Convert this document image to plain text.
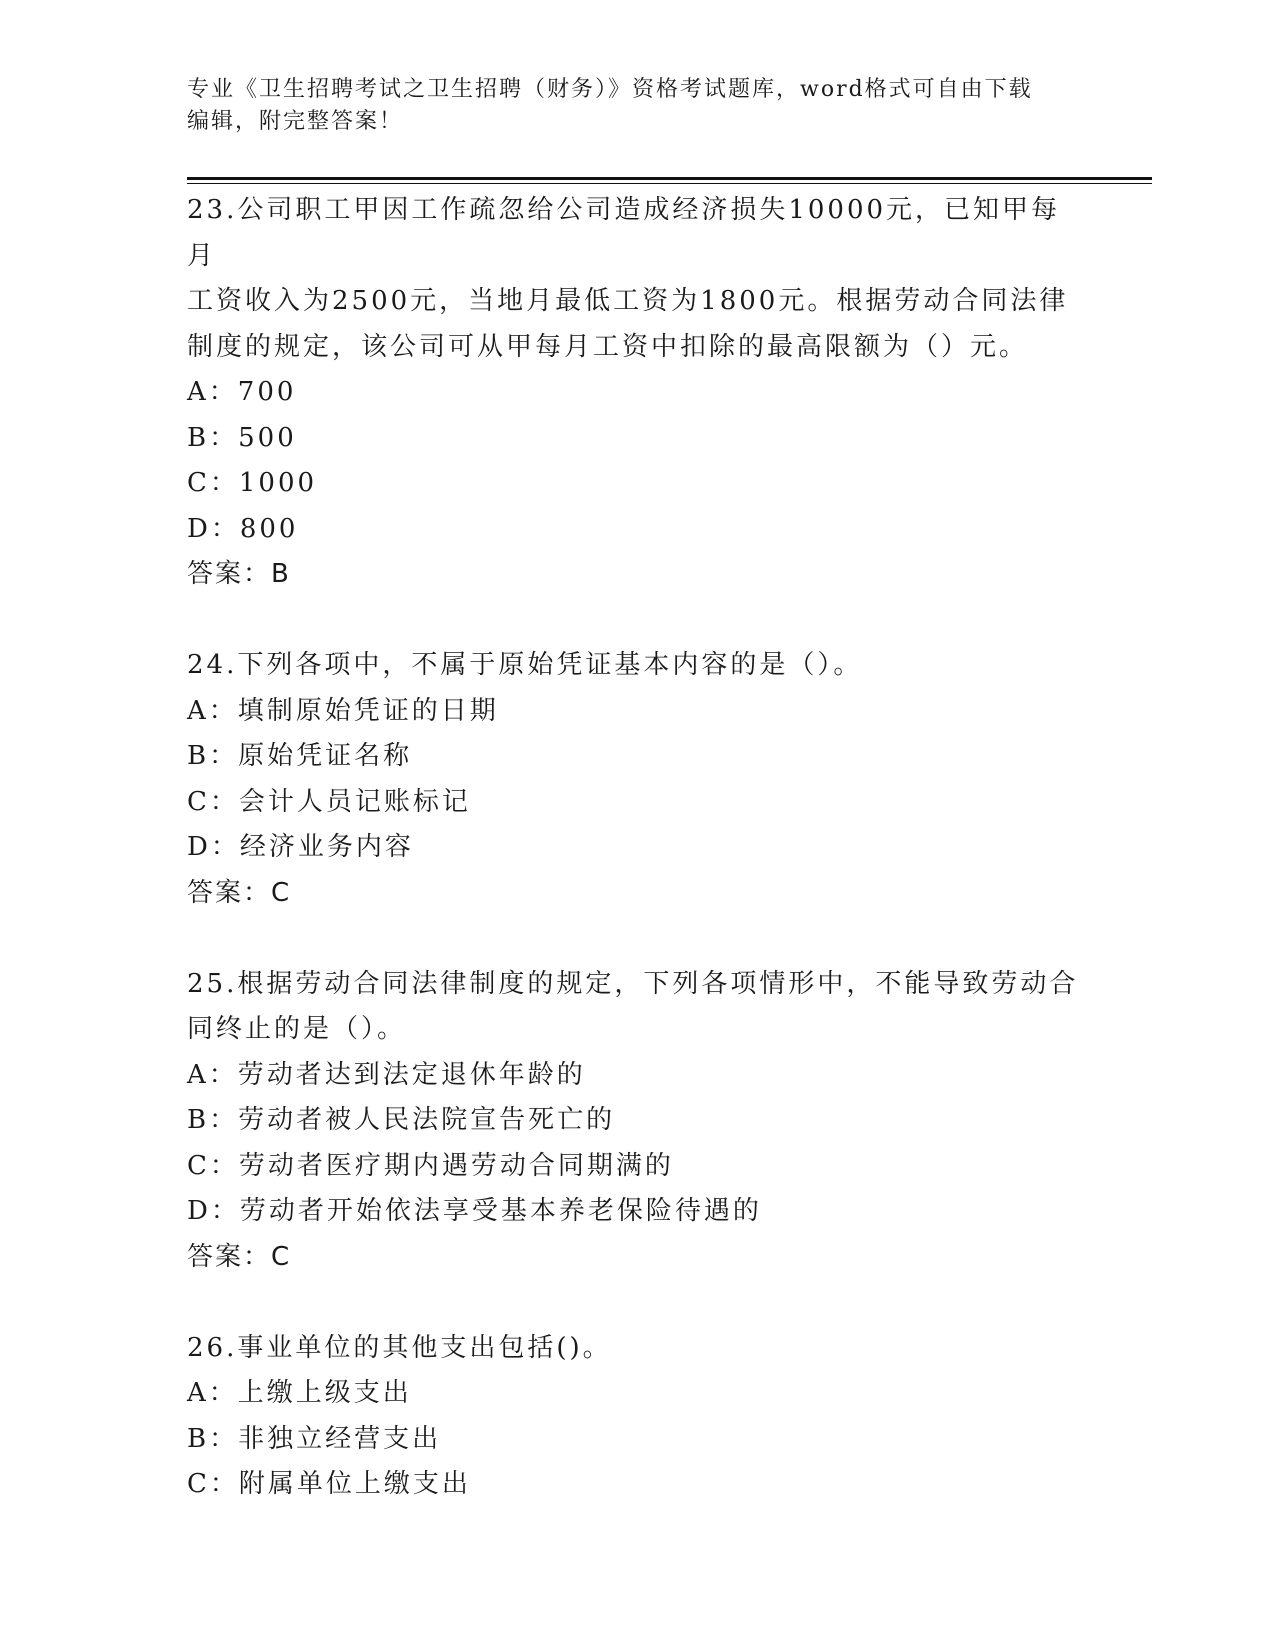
专业《卫生招聘考试之卫生招聘（财务）》资格考试题库，word格式可自由下载
编辑，附完整答案！
23.公司职工甲因工作疏忽给公司造成经济损失10000元，已知甲每月
工资收入为2500元，当地月最低工资为1800元。根据劳动合同法律
制度的规定，该公司可从甲每月工资中扣除的最高限额为（）元。
A：700
B：500
C：1000
D：800
答案：B
24.下列各项中，不属于原始凭证基本内容的是（）。
A：填制原始凭证的日期
B：原始凭证名称
C：会计人员记账标记
D：经济业务内容
答案：C
25.根据劳动合同法律制度的规定，下列各项情形中，不能导致劳动合
同终止的是（）。
A：劳动者达到法定退休年龄的
B：劳动者被人民法院宣告死亡的
C：劳动者医疗期内遇劳动合同期满的
D：劳动者开始依法享受基本养老保险待遇的
答案：C
26.事业单位的其他支出包括()。
A：上缴上级支出
B：非独立经营支出
C：附属单位上缴支出
